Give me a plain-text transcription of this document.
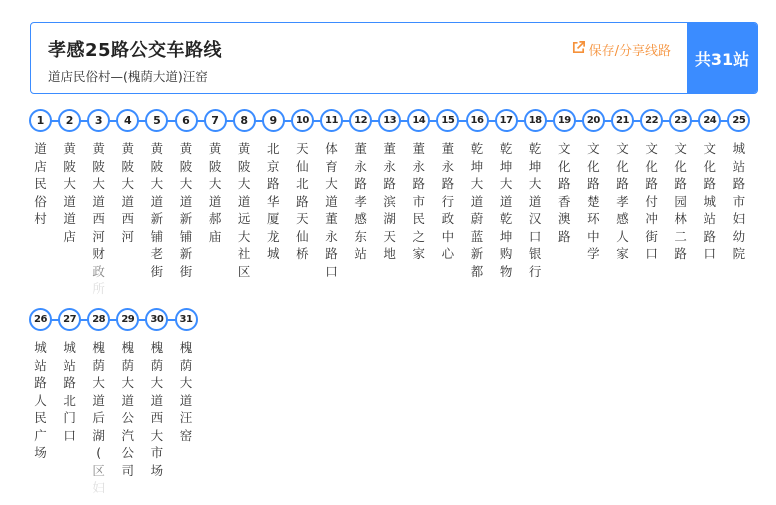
孝感25路公交车路线
道店民俗村—(槐荫大道)汪窑
保存/分享线路	共31站
1
道
店
民
俗
村
2
黄
陂
大
道
道
店
3
黄
陂
大
道
西
河
财
政
所
4
黄
陂
大
道
西
河
5
黄
陂
大
道
新
铺
老
街
6
黄
陂
大
道
新
铺
新
街
7
黄
陂
大
道
郝
庙
8
黄
陂
大
道
远
大
社
区
9
北
京
路
华
厦
龙
城
10
天
仙
北
路
天
仙
桥
11
体
育
大
道
董
永
路
口
12
董
永
路
孝
感
东
站
13
董
永
路
滨
湖
天
地
14
董
永
路
市
民
之
家
15
董
永
路
行
政
中
心
16
乾
坤
大
道
蔚
蓝
新
都
17
乾
坤
大
道
乾
坤
购
物
18
乾
坤
大
道
汉
口
银
行
19
文
化
路
香
澳
路
20
文
化
路
楚
环
中
学
21
文
化
路
孝
感
人
家
22
文
化
路
付
冲
街
口
23
文
化
路
园
林
二
路
24
文
化
路
城
站
路
口
25
城
站
路
市
妇
幼
院
26
城
站
路
人
民
广
场
27
城
站
路
北
门
口
28
槐
荫
大
道
后
湖
(
区
妇
29
槐
荫
大
道
公
汽
公
司
30
槐
荫
大
道
西
大
市
场
31
槐
荫
大
道
汪
窑
